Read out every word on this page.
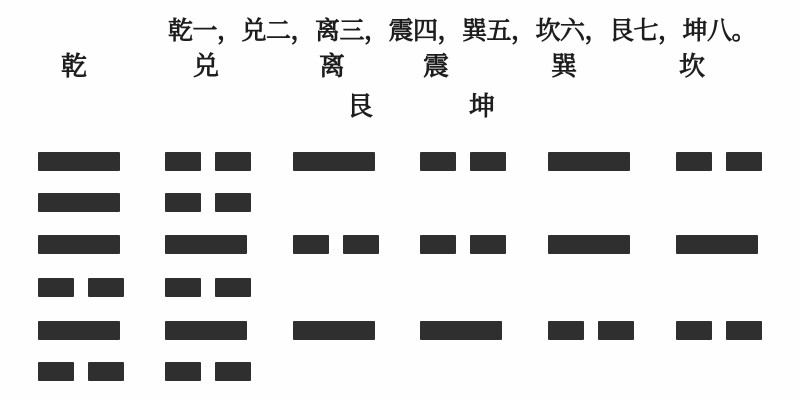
乾一，兑二，离三，震四，巽五，坎六，艮七，坤八。
乾	兑	离	震	巽	坎
艮	坤
